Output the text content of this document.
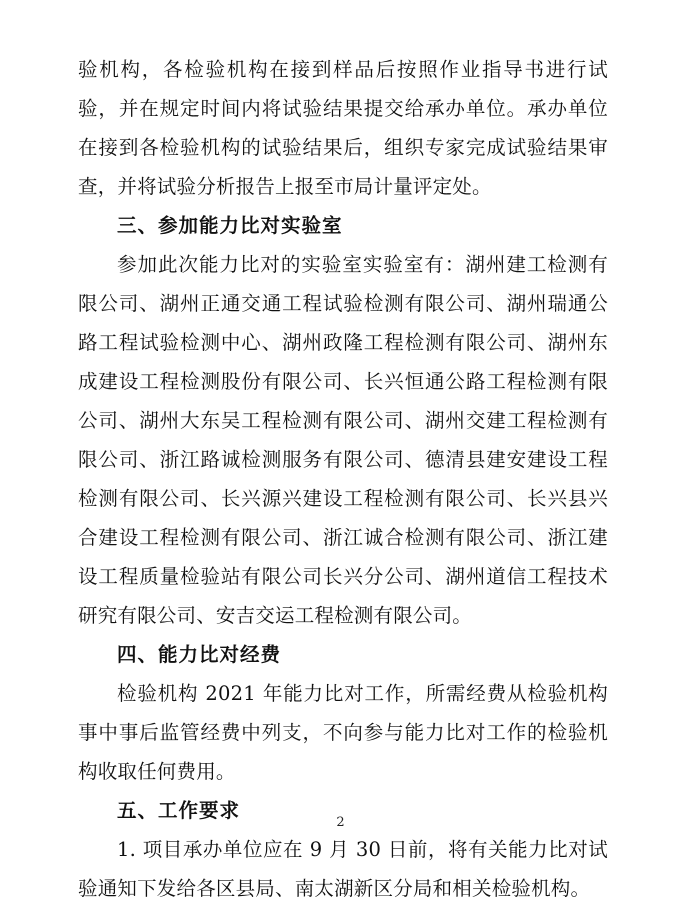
验机构，各检验机构在接到样品后按照作业指导书进行试验，并在规定时间内将试验结果提交给承办单位。承办单位在接到各检验机构的试验结果后，组织专家完成试验结果审查，并将试验分析报告上报至市局计量评定处。

三、参加能力比对实验室

参加此次能力比对的实验室实验室有：湖州建工检测有限公司、湖州正通交通工程试验检测有限公司、湖州瑞通公路工程试验检测中心、湖州政隆工程检测有限公司、湖州东成建设工程检测股份有限公司、长兴恒通公路工程检测有限公司、湖州大东吴工程检测有限公司、湖州交建工程检测有限公司、浙江路诚检测服务有限公司、德清县建安建设工程检测有限公司、长兴源兴建设工程检测有限公司、长兴县兴合建设工程检测有限公司、浙江诚合检测有限公司、浙江建设工程质量检验站有限公司长兴分公司、湖州道信工程技术研究有限公司、安吉交运工程检测有限公司。

四、能力比对经费

检验机构 2021 年能力比对工作，所需经费从检验机构事中事后监管经费中列支，不向参与能力比对工作的检验机构收取任何费用。

五、工作要求

1. 项目承办单位应在 9 月 30 日前，将有关能力比对试验通知下发给各区县局、南太湖新区分局和相关检验机构。

2
